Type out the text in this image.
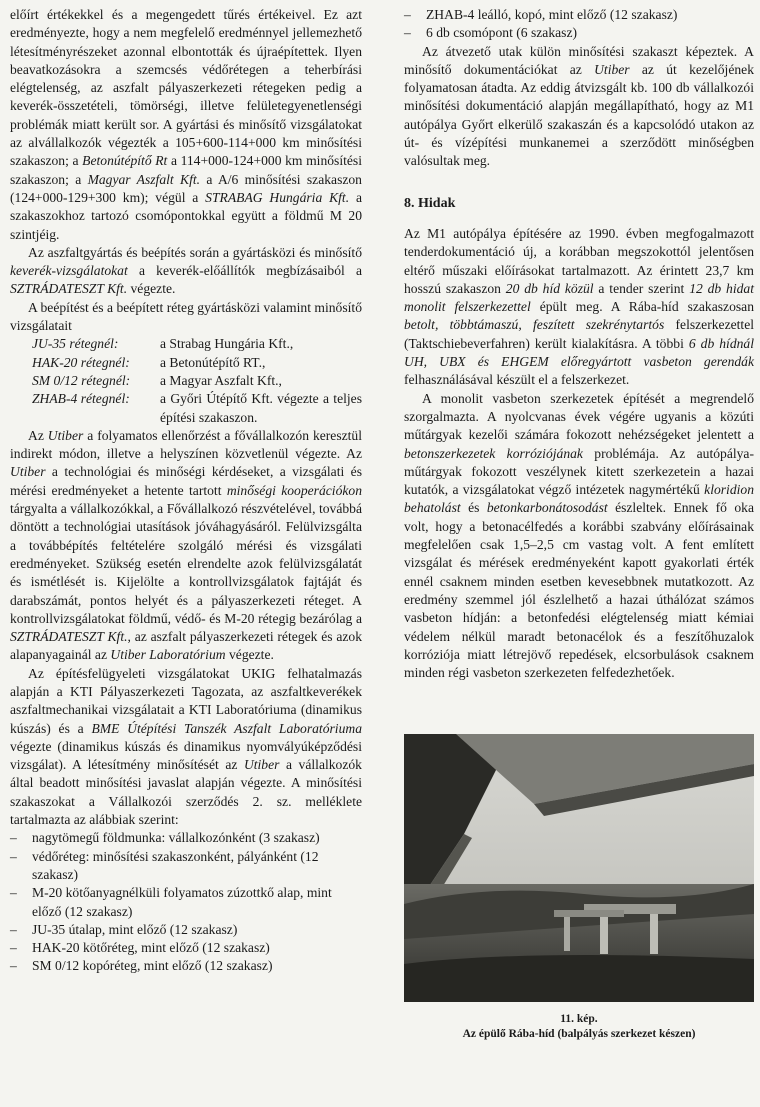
előírt értékekkel és a megengedett tűrés értékeivel. Ez azt eredményezte, hogy a nem megfelelő eredménnyel jellemezhető létesítményrészeket azonnal elbontották és újraépítettek. Ilyen beavatkozásokra a szemcsés védőrétegen a teherbírási elégtelenség, az aszfalt pályaszerkezeti rétegeken pedig a keverék-összetételi, tömörségi, illetve felületegyenetlenségi problémák miatt került sor. A gyártási és minősítő vizsgálatokat az alvállalkozók végezték a 105+600-114+000 km minősítési szakaszon; a Betonútépítő Rt a 114+000-124+000 km minősítési szakaszon; a Magyar Aszfalt Kft. a A/6 minősítési szakaszon (124+000-129+300 km); végül a STRABAG Hungária Kft. a szakaszokhoz tartozó csomópontokkal együtt a földmű M 20 szintjéig.

Az aszfaltgyártás és beépítés során a gyártásközi és minősítő keverék-vizsgálatokat a keverék-előállítók megbízásaiból a SZTRÁDATESZT Kft. végezte.

A beépítést és a beépített réteg gyártásközi valamint minősítő vizsgálatait

JU-35 rétegnél:	a Strabag Hungária Kft.,
HAK-20 rétegnél:	a Betonútépítő RT.,
SM 0/12 rétegnél:	a Magyar Aszfalt Kft.,
ZHAB-4 rétegnél:	a Győri Útépítő Kft. végezte a teljes építési szakaszon.

Az Utiber a folyamatos ellenőrzést a fővállalkozón keresztül indirekt módon, illetve a helyszínen közvetlenül végezte. Az Utiber a technológiai és minőségi kérdéseket, a vizsgálati és mérési eredményeket a hetente tartott minőségi kooperációkon tárgyalta a vállalkozókkal, a Fővállalkozó részvételével, továbbá döntött a technológiai utasítások jóváhagyásáról. Felülvizsgálta a továbbépítés feltételére szolgáló mérési és vizsgálati eredményeket. Szükség esetén elrendelte azok felülvizsgálatát és ismétlését is. Kijelölte a kontrollvizsgálatok fajtáját és darabszámát, pontos helyét és a pályaszerkezeti réteget. A kontrollvizsgálatokat földmű, védő- és M-20 rétegig bezárólag a SZTRÁDATESZT Kft., az aszfalt pályaszerkezeti rétegek és azok alapanyagainál az Utiber Laboratórium végezte.

Az építésfelügyeleti vizsgálatokat UKIG felhatalmazás alapján a KTI Pályaszerkezeti Tagozata, az aszfaltkeverékek aszfaltmechanikai vizsgálatait a KTI Laboratóriuma (dinamikus kúszás) és a BME Útépítési Tanszék Aszfalt Laboratóriuma végezte (dinamikus kúszás és dinamikus nyomvályúképződési vizsgálat). A létesítmény minősítését az Utiber a vállalkozók által beadott minősítési javaslat alapján végezte. A minősítési szakaszokat a Vállalkozói szerződés 2. sz. melléklete tartalmazta az alábbiak szerint:

–	nagytömegű földmunka: vállalkozónként (3 szakasz)
–	védőréteg: minősítési szakaszonként, pályánként (12 szakasz)
–	M-20 kötőanyagnélküli folyamatos zúzottkő alap, mint előző (12 szakasz)
–	JU-35 útalap, mint előző (12 szakasz)
–	HAK-20 kötőréteg, mint előző (12 szakasz)
–	SM 0/12 kopóréteg, mint előző (12 szakasz)
–	ZHAB-4 leálló, kopó, mint előző (12 szakasz)
–	6 db csomópont (6 szakasz)

Az átvezető utak külön minősítési szakaszt képeztek. A minősítő dokumentációkat az Utiber az út kezelőjének folyamatosan átadta. Az eddig átvizsgált kb. 100 db vállalkozói minősítési dokumentáció alapján megállapítható, hogy az M1 autópálya Győrt elkerülő szakaszán és a kapcsolódó utakon az út- és vízépítési munkanemei a szerződött minőségben valósultak meg.

8. Hidak

Az M1 autópálya építésére az 1990. évben megfogalmazott tenderdokumentáció új, a korábban megszokottól jelentősen eltérő műszaki előírásokat tartalmazott. Az érintett 23,7 km hosszú szakaszon 20 db híd közül a tender szerint 12 db hidat monolit felszerkezettel épült meg. A Rába-híd szakaszosan betolt, többtámaszú, feszített szekrénytartós felszerkezettel (Taktschiebeverfahren) került kialakításra. A többi 6 db hídnál UH, UBX és EHGEM előregyártott vasbeton gerendák felhasználásával készült el a felszerkezet.

A monolit vasbeton szerkezetek építését a megrendelő szorgalmazta. A nyolcvanas évek végére ugyanis a közúti műtárgyak kezelői számára fokozott nehézségeket jelentett a betonszerkezetek korróziójának problémája. Az autópálya-műtárgyak fokozott veszélynek kitett szerkezetein a hazai kutatók, a vizsgálatokat végző intézetek nagymértékű kloridion behatolást és betonkarbonátosodást észleltek. Ennek fő oka volt, hogy a betonacélfedés a korábbi szabvány előírásainak megfelelően csak 1,5–2,5 cm vastag volt. A fent említett vizsgálat és mérések eredményeként kapott gyakorlati érték ennél csaknem minden esetben kevesebbnek mutatkozott. Az eredmény szemmel jól észlelhető a hazai úthálózat számos vasbeton hídján: a betonfedési elégtelenség miatt kémiai védelem nélkül maradt betonacélok és a feszítőhuzalok korróziója miatt létrejövő repedések, elcsorbulások csaknem minden régi vasbeton szerkezeten felfedezhetőek.

11. kép.
Az épülő Rába-híd (balpályás szerkezet készen)
